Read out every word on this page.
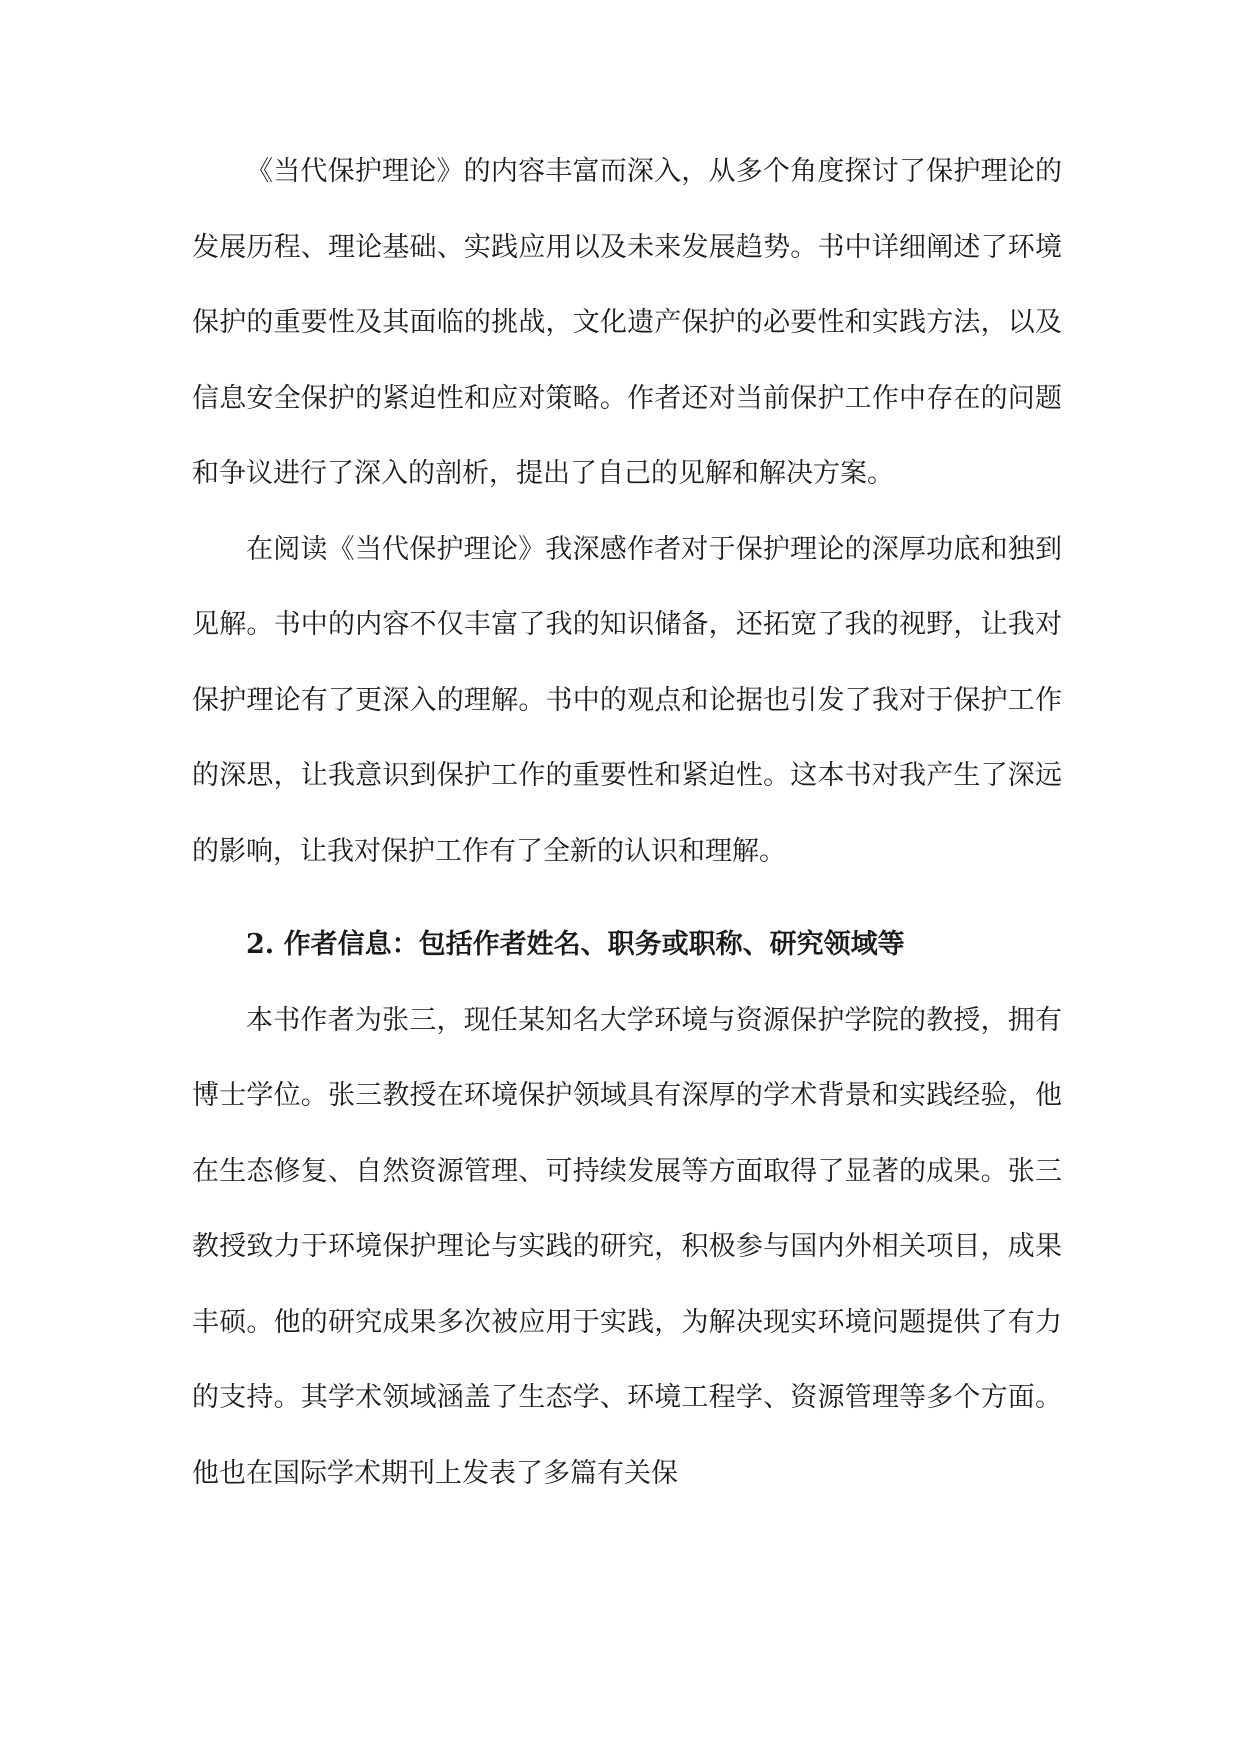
《当代保护理论》的内容丰富而深入，从多个角度探讨了保护理论的发展历程、理论基础、实践应用以及未来发展趋势。书中详细阐述了环境保护的重要性及其面临的挑战，文化遗产保护的必要性和实践方法，以及信息安全保护的紧迫性和应对策略。作者还对当前保护工作中存在的问题和争议进行了深入的剖析，提出了自己的见解和解决方案。

在阅读《当代保护理论》我深感作者对于保护理论的深厚功底和独到见解。书中的内容不仅丰富了我的知识储备，还拓宽了我的视野，让我对保护理论有了更深入的理解。书中的观点和论据也引发了我对于保护工作的深思，让我意识到保护工作的重要性和紧迫性。这本书对我产生了深远的影响，让我对保护工作有了全新的认识和理解。

2. 作者信息：包括作者姓名、职务或职称、研究领域等

本书作者为张三，现任某知名大学环境与资源保护学院的教授，拥有博士学位。张三教授在环境保护领域具有深厚的学术背景和实践经验，他在生态修复、自然资源管理、可持续发展等方面取得了显著的成果。张三教授致力于环境保护理论与实践的研究，积极参与国内外相关项目，成果丰硕。他的研究成果多次被应用于实践，为解决现实环境问题提供了有力的支持。其学术领域涵盖了生态学、环境工程学、资源管理等多个方面。他也在国际学术期刊上发表了多篇有关保
